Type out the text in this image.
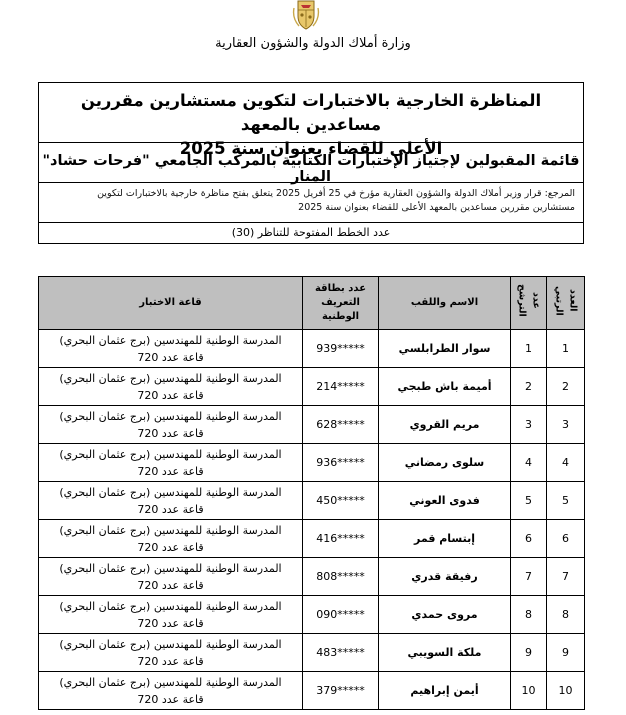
وزارة أملاك الدولة والشؤون العقارية
المناظرة الخارجية بالاختبارات لتكوين مستشارين مقررين مساعدين بالمعهد
الأعلى للقضاء بعنوان سنة 2025
قائمة المقبولين لإجتياز الإختبارات الكتابية بالمركب الجامعي "فرحات حشاد" المنار
المرجع: قرار وزير أملاك الدولة والشؤون العقارية مؤرخ في 25 أفريل 2025 يتعلق بفتح مناظرة خارجية بالاختبارات لتكوين
مستشارين مقررين مساعدين بالمعهد الأعلى للقضاء بعنوان سنة 2025
عدد الخطط المفتوحة للتناظر (30)
العدد الرتبي	عدد الترشح	الاسم واللقب	عدد بطاقة التعريف الوطنية	قاعة الاختبار
1	1	سوار الطرابلسي	939*****	المدرسة الوطنية للمهندسين (برج عثمان البحري)
قاعة عدد 720

2	2	أميمة باش طبجي	214*****	المدرسة الوطنية للمهندسين (برج عثمان البحري)
قاعة عدد 720

3	3	مريم القروي	628*****	المدرسة الوطنية للمهندسين (برج عثمان البحري)
قاعة عدد 720

4	4	سلوى رمضاني	936*****	المدرسة الوطنية للمهندسين (برج عثمان البحري)
قاعة عدد 720

5	5	فدوى العوني	450*****	المدرسة الوطنية للمهندسين (برج عثمان البحري)
قاعة عدد 720

6	6	إبتسام قمر	416*****	المدرسة الوطنية للمهندسين (برج عثمان البحري)
قاعة عدد 720

7	7	رفيقة قدري	808*****	المدرسة الوطنية للمهندسين (برج عثمان البحري)
قاعة عدد 720

8	8	مروى حمدي	090*****	المدرسة الوطنية للمهندسين (برج عثمان البحري)
قاعة عدد 720

9	9	ملكة السويبي	483*****	المدرسة الوطنية للمهندسين (برج عثمان البحري)
قاعة عدد 720

10	10	أيمن إبراهيم	379*****	المدرسة الوطنية للمهندسين (برج عثمان البحري)
قاعة عدد 720
